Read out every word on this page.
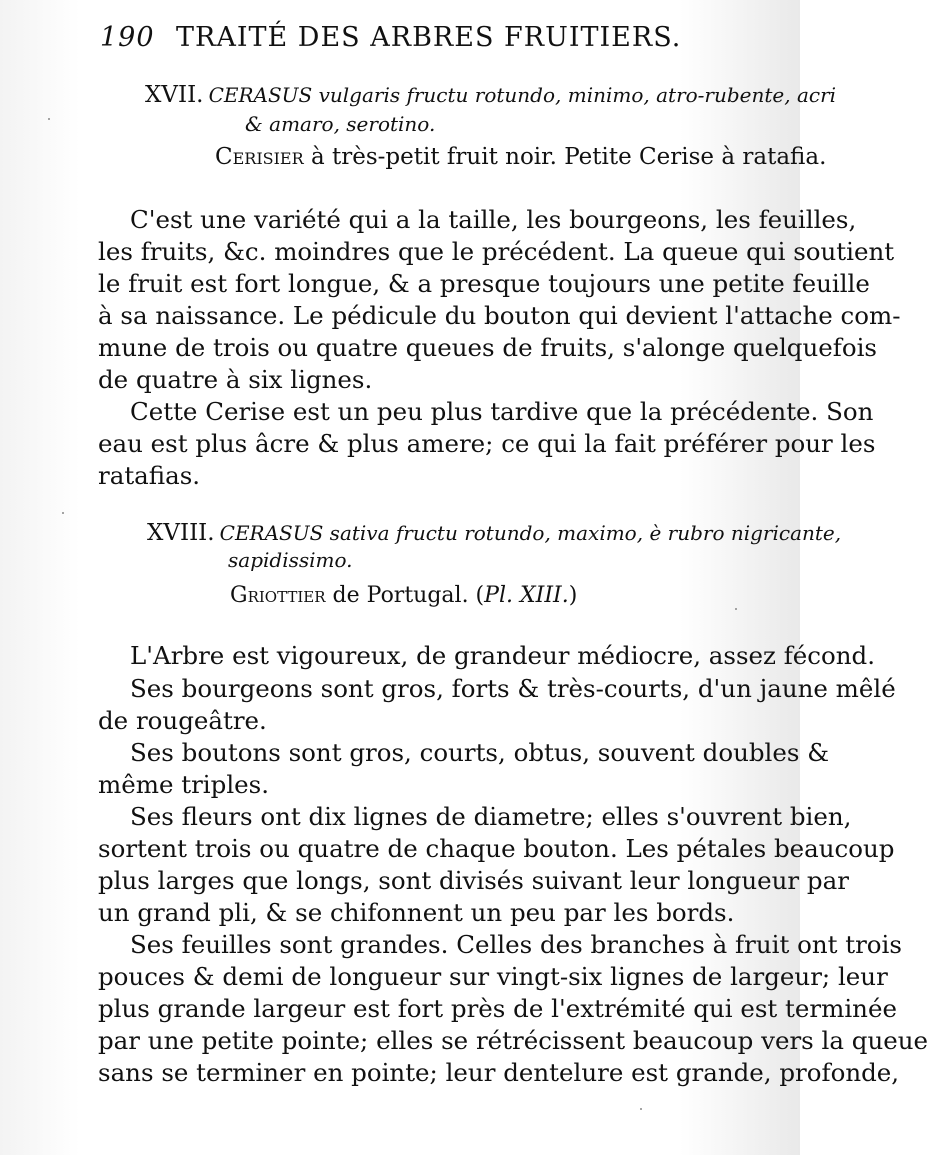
190 TRAITÉ DES ARBRES FRUITIERS.
XVII. CERASUS vulgaris fructu rotundo, minimo, atro-rubente, acri
& amaro, serotino.
Cerisier à très-petit fruit noir. Petite Cerise à ratafia.
C'est une variété qui a la taille, les bourgeons, les feuilles,
les fruits, &c. moindres que le précédent. La queue qui soutient
le fruit est fort longue, & a presque toujours une petite feuille
à sa naissance. Le pédicule du bouton qui devient l'attache com-
mune de trois ou quatre queues de fruits, s'alonge quelquefois
de quatre à six lignes.
Cette Cerise est un peu plus tardive que la précédente. Son
eau est plus âcre & plus amere; ce qui la fait préférer pour les
ratafias.
XVIII. CERASUS sativa fructu rotundo, maximo, è rubro nigricante,
sapidissimo.
Griottier de Portugal. (Pl. XIII.)
L'Arbre est vigoureux, de grandeur médiocre, assez fécond.
Ses bourgeons sont gros, forts & très-courts, d'un jaune mêlé
de rougeâtre.
Ses boutons sont gros, courts, obtus, souvent doubles &
même triples.
Ses fleurs ont dix lignes de diametre; elles s'ouvrent bien,
sortent trois ou quatre de chaque bouton. Les pétales beaucoup
plus larges que longs, sont divisés suivant leur longueur par
un grand pli, & se chifonnent un peu par les bords.
Ses feuilles sont grandes. Celles des branches à fruit ont trois
pouces & demi de longueur sur vingt-six lignes de largeur; leur
plus grande largeur est fort près de l'extrémité qui est terminée
par une petite pointe; elles se rétrécissent beaucoup vers la queue
sans se terminer en pointe; leur dentelure est grande, profonde,
